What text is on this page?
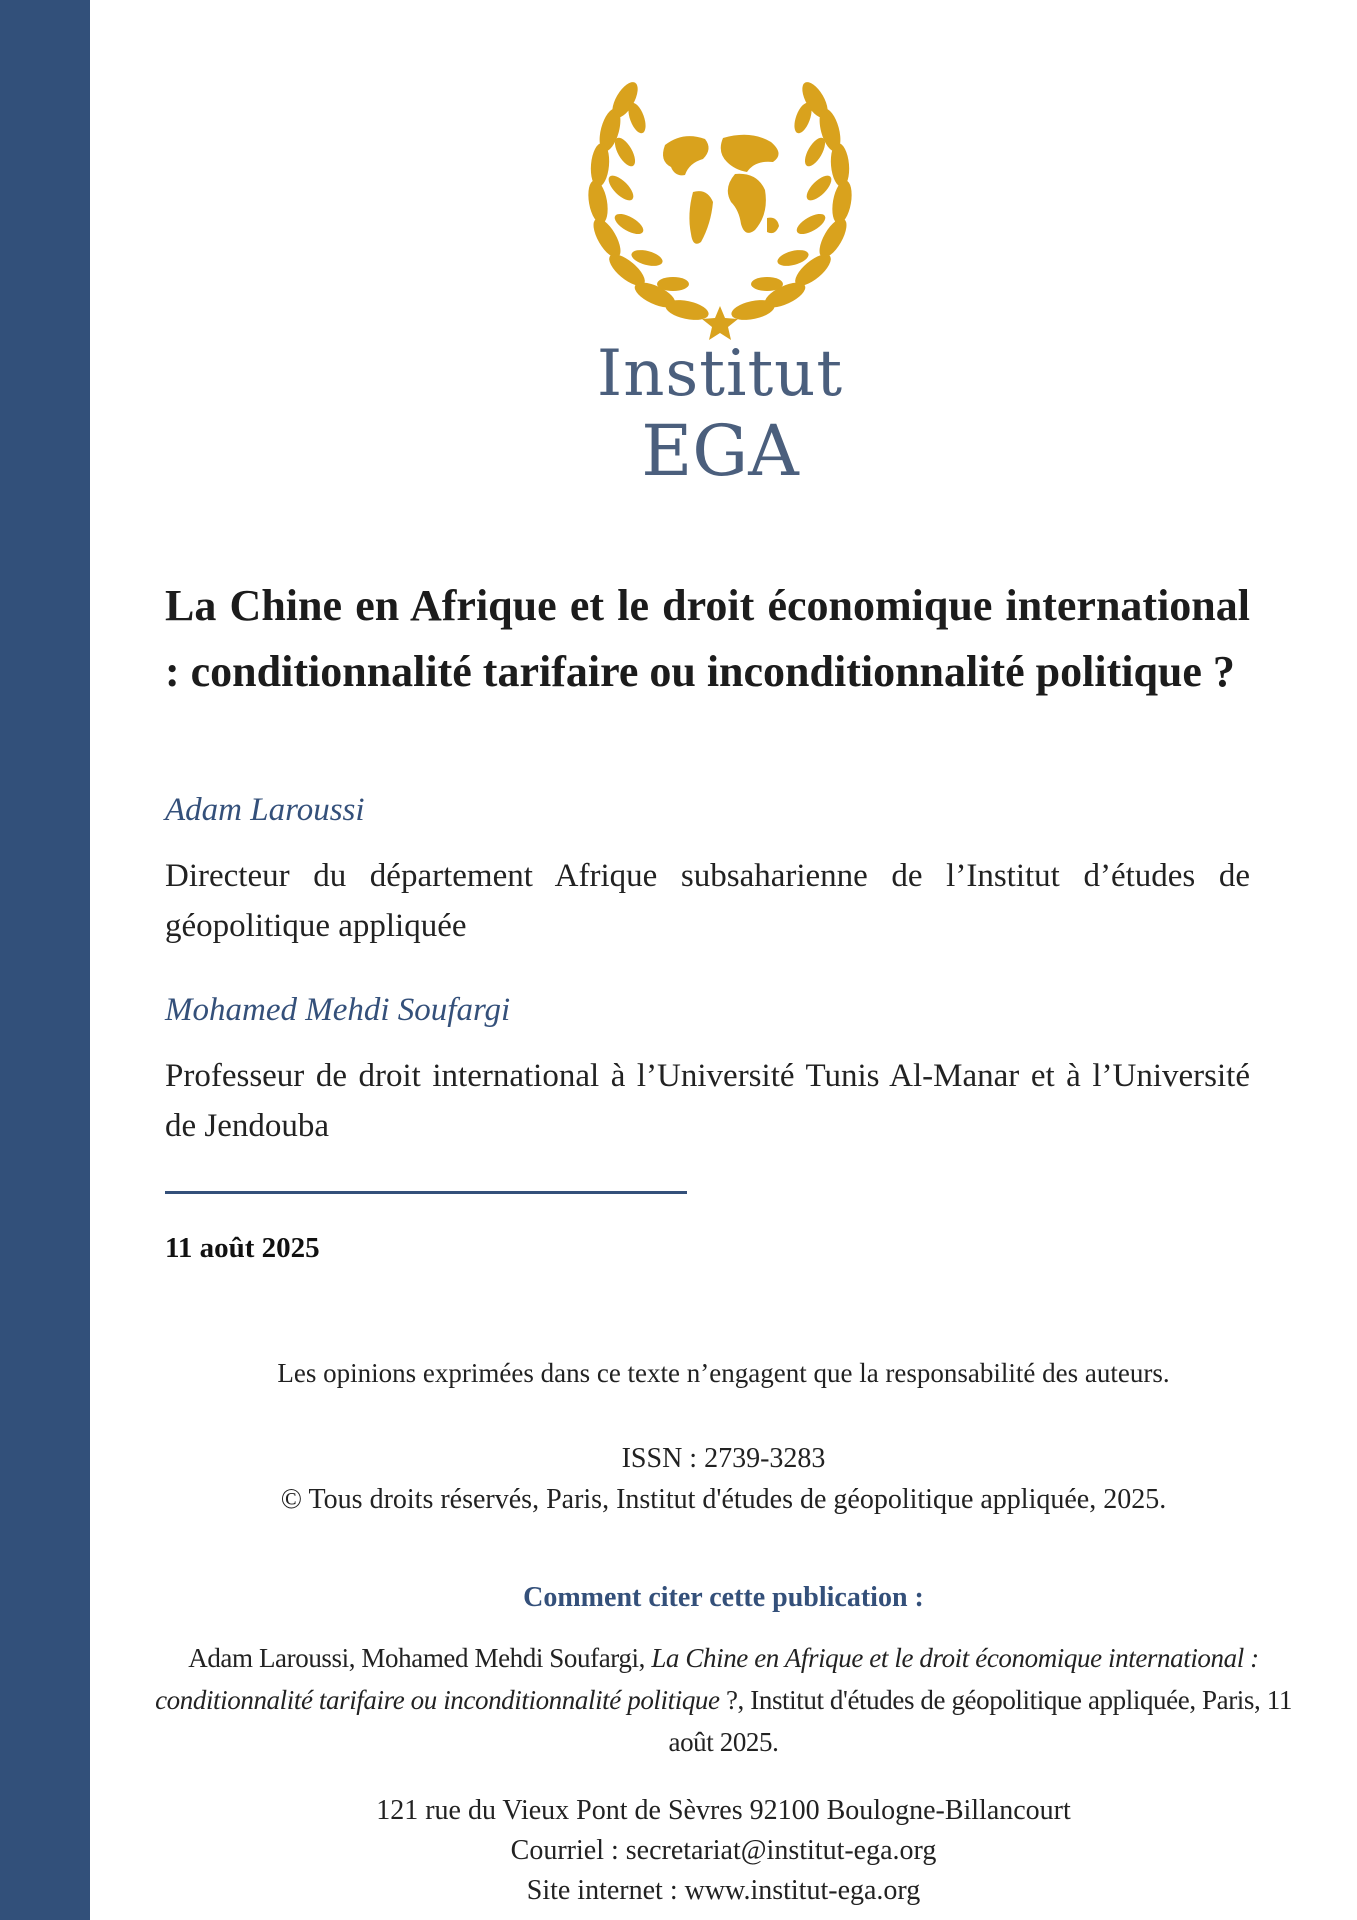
Institut
EGA
La Chine en Afrique et le droit économique international : conditionnalité tarifaire ou inconditionnalité politique ?
Adam Laroussi
Directeur du département Afrique subsaharienne de l’Institut d’études de géopolitique appliquée
Mohamed Mehdi Soufargi
Professeur de droit international à l’Université Tunis Al-Manar et à l’Université de Jendouba
11 août 2025
Les opinions exprimées dans ce texte n’engagent que la responsabilité des auteurs.
ISSN : 2739-3283
© Tous droits réservés, Paris, Institut d'études de géopolitique appliquée, 2025.
Comment citer cette publication :
Adam Laroussi, Mohamed Mehdi Soufargi, La Chine en Afrique et le droit économique international : conditionnalité tarifaire ou inconditionnalité politique ?, Institut d'études de géopolitique appliquée, Paris, 11 août 2025.
121 rue du Vieux Pont de Sèvres 92100 Boulogne-Billancourt
Courriel : secretariat@institut-ega.org
Site internet : www.institut-ega.org
